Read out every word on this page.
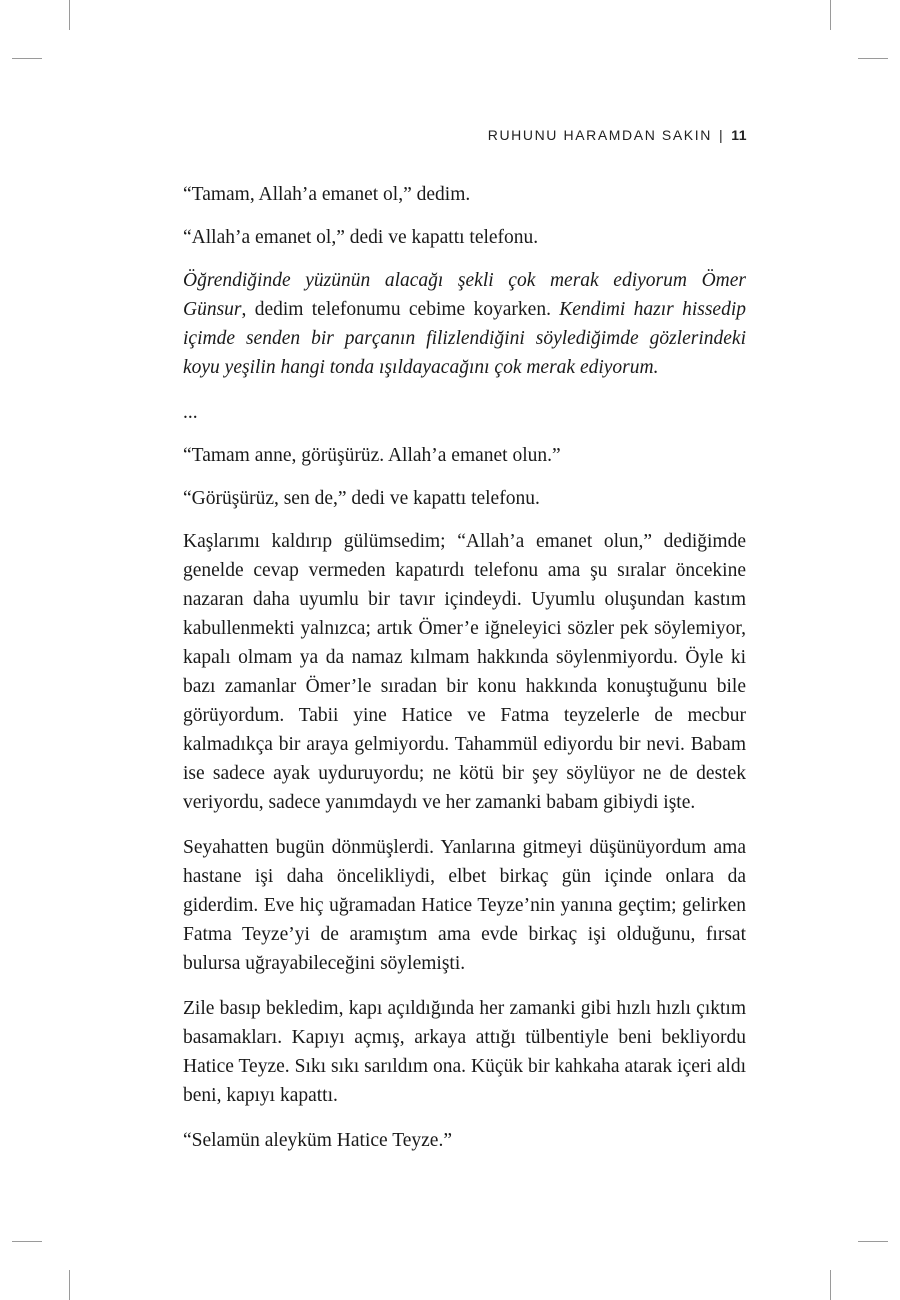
RUHUNU HARAMDAN SAKIN | 11

“Tamam, Allah’a emanet ol,” dedim.

“Allah’a emanet ol,” dedi ve kapattı telefonu.

Öğrendiğinde yüzünün alacağı şekli çok merak ediyorum Ömer Günsur, dedim telefonumu cebime koyarken. Kendimi hazır hissedip içimde senden bir parçanın filizlendiğini söylediğimde gözlerindeki koyu yeşilin hangi tonda ışıldayacağını çok merak ediyorum.

...

“Tamam anne, görüşürüz. Allah’a emanet olun.”

“Görüşürüz, sen de,” dedi ve kapattı telefonu.

Kaşlarımı kaldırıp gülümsedim; “Allah’a emanet olun,” dediğimde genelde cevap vermeden kapatırdı telefonu ama şu sıralar öncekine nazaran daha uyumlu bir tavır içindeydi. Uyumlu oluşundan kastım kabullenmekti yalnızca; artık Ömer’e iğneleyici sözler pek söylemiyor, kapalı olmam ya da namaz kılmam hakkında söylenmiyordu. Öyle ki bazı zamanlar Ömer’le sıradan bir konu hakkında konuştuğunu bile görüyordum. Tabii yine Hatice ve Fatma teyzelerle de mecbur kalmadıkça bir araya gelmiyordu. Tahammül ediyordu bir nevi. Babam ise sadece ayak uyduruyordu; ne kötü bir şey söylüyor ne de destek veriyordu, sadece yanımdaydı ve her zamanki babam gibiydi işte.

Seyahatten bugün dönmüşlerdi. Yanlarına gitmeyi düşünüyordum ama hastane işi daha öncelikliydi, elbet birkaç gün içinde onlara da giderdim. Eve hiç uğramadan Hatice Teyze’nin yanına geçtim; gelirken Fatma Teyze’yi de aramıştım ama evde birkaç işi olduğunu, fırsat bulursa uğrayabileceğini söylemişti.

Zile basıp bekledim, kapı açıldığında her zamanki gibi hızlı hızlı çıktım basamakları. Kapıyı açmış, arkaya attığı tülbentiyle beni bekliyordu Hatice Teyze. Sıkı sıkı sarıldım ona. Küçük bir kahkaha atarak içeri aldı beni, kapıyı kapattı.

“Selamün aleyküm Hatice Teyze.”
